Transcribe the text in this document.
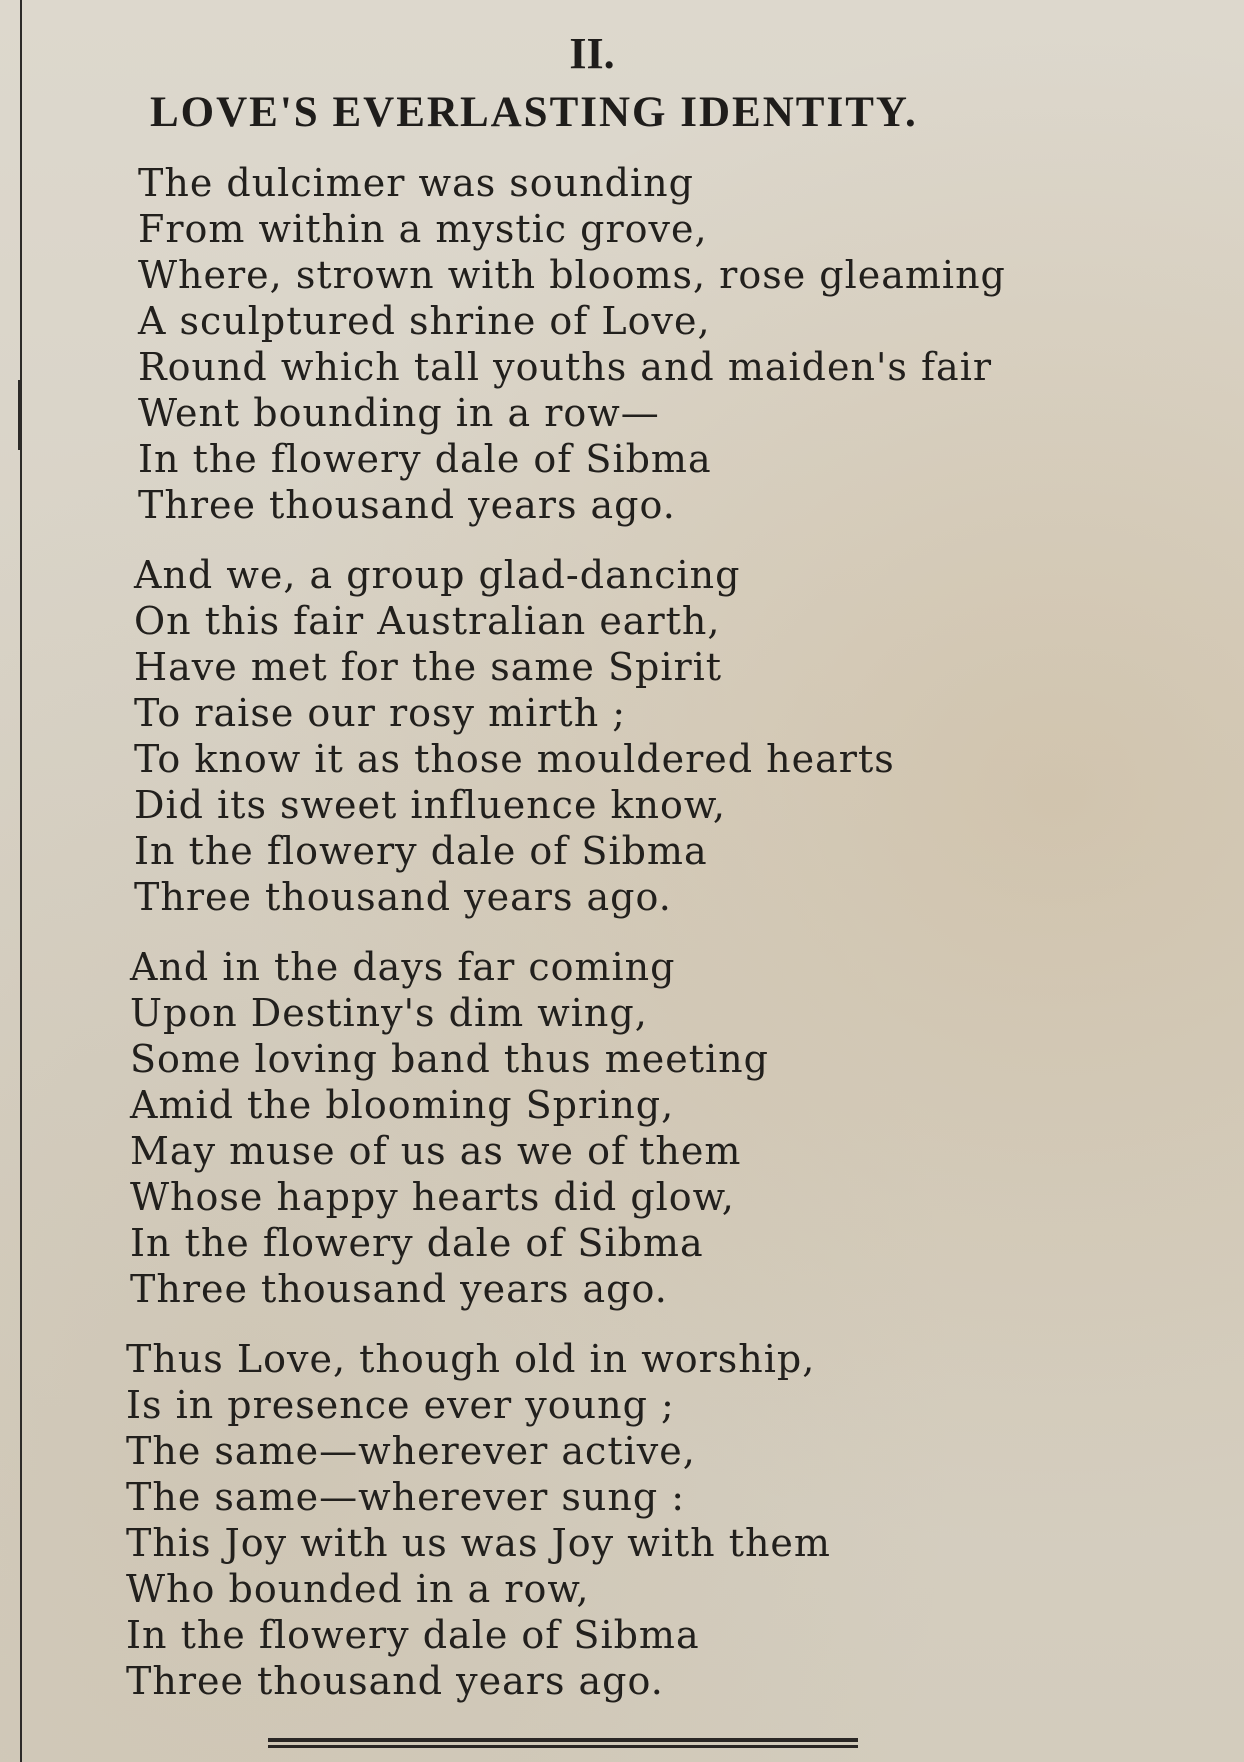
II.
LOVE'S EVERLASTING IDENTITY.
The dulcimer was sounding
From within a mystic grove,
Where, strown with blooms, rose gleaming
A sculptured shrine of Love,
Round which tall youths and maiden's fair
Went bounding in a row—
In the flowery dale of Sibma
Three thousand years ago.
And we, a group glad-dancing
On this fair Australian earth,
Have met for the same Spirit
To raise our rosy mirth ;
To know it as those mouldered hearts
Did its sweet influence know,
In the flowery dale of Sibma
Three thousand years ago.
And in the days far coming
Upon Destiny's dim wing,
Some loving band thus meeting
Amid the blooming Spring,
May muse of us as we of them
Whose happy hearts did glow,
In the flowery dale of Sibma
Three thousand years ago.
Thus Love, though old in worship,
Is in presence ever young ;
The same—wherever active,
The same—wherever sung :
This Joy with us was Joy with them
Who bounded in a row,
In the flowery dale of Sibma
Three thousand years ago.
